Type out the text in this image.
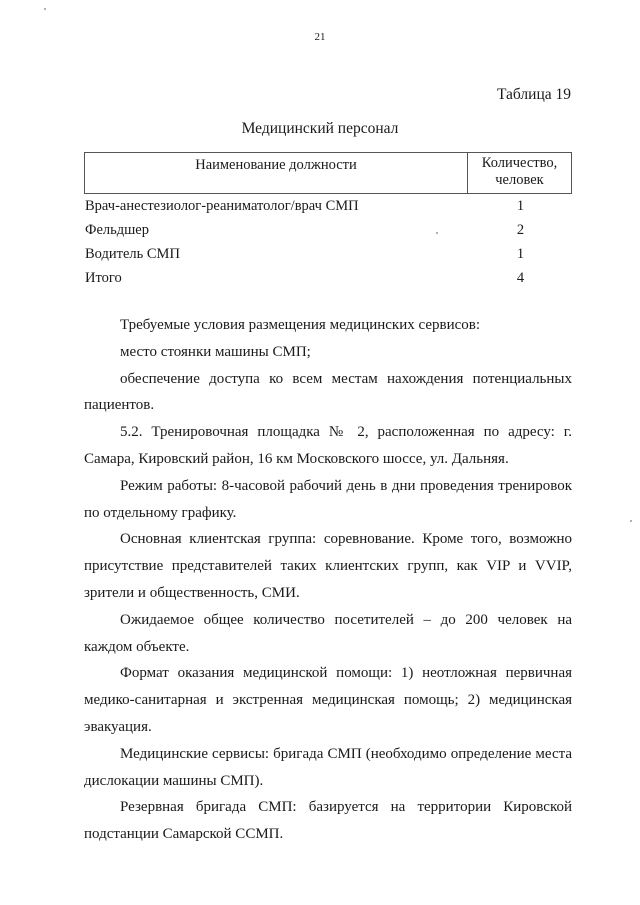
21
Таблица 19
Медицинский персонал
Наименование должности	Количество, человек
Врач-анестезиолог-реаниматолог/врач СМП	1
Фельдшер	2
Водитель СМП	1
Итого	4

Требуемые условия размещения медицинских сервисов:

место стоянки машины СМП;

обеспечение доступа ко всем местам нахождения потенциальных пациентов.

5.2. Тренировочная площадка № 2, расположенная по адресу: г. Самара, Кировский район, 16 км Московского шоссе, ул. Дальняя.

Режим работы: 8-часовой рабочий день в дни проведения тренировок по отдельному графику.

Основная клиентская группа: соревнование. Кроме того, возможно присутствие представителей таких клиентских групп, как VIP и VVIP, зрители и общественность, СМИ.

Ожидаемое общее количество посетителей – до 200 человек на каждом объекте.

Формат оказания медицинской помощи: 1) неотложная первичная медико-санитарная и экстренная медицинская помощь; 2) медицинская эвакуация.

Медицинские сервисы: бригада СМП (необходимо определение места дислокации машины СМП).

Резервная бригада СМП: базируется на территории Кировской подстанции Самарской ССМП.
